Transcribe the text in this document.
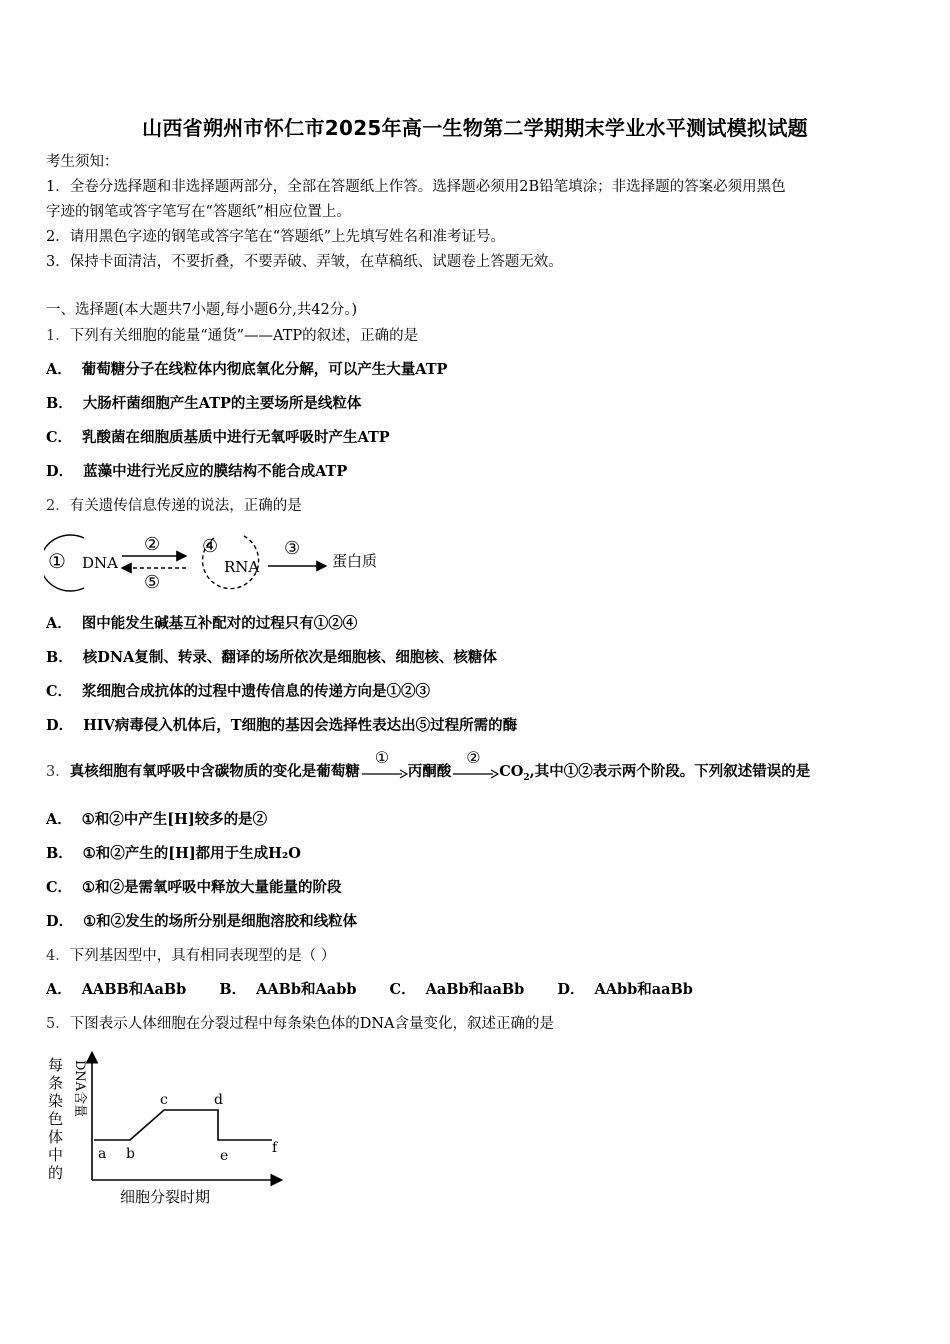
山西省朔州市怀仁市2025年高一生物第二学期期末学业水平测试模拟试题
考生须知：
1．全卷分选择题和非选择题两部分，全部在答题纸上作答。选择题必须用2B铅笔填涂；非选择题的答案必须用黑色
字迹的钢笔或答字笔写在“答题纸”相应位置上。
2．请用黑色字迹的钢笔或答字笔在“答题纸”上先填写姓名和准考证号。
3．保持卡面清洁，不要折叠，不要弄破、弄皱，在草稿纸、试题卷上答题无效。
一、选择题(本大题共7小题,每小题6分,共42分。)
1．下列有关细胞的能量“通货”——ATP的叙述，正确的是
A． 葡萄糖分子在线粒体内彻底氧化分解，可以产生大量ATP
B． 大肠杆菌细胞产生ATP的主要场所是线粒体
C． 乳酸菌在细胞质基质中进行无氧呼吸时产生ATP
D． 蓝藻中进行光反应的膜结构不能合成ATP
2．有关遗传信息传递的说法，正确的是
① DNA
②
⑤
④
RNA
③
蛋白质
A． 图中能发生碱基互补配对的过程只有①②④
B． 核DNA复制、转录、翻译的场所依次是细胞核、细胞核、核糖体
C． 浆细胞合成抗体的过程中遗传信息的传递方向是①②③
D． HIV病毒侵入机体后，T细胞的基因会选择性表达出⑤过程所需的酶
3．真核细胞有氧呼吸中含碳物质的变化是葡萄糖
①
丙酮酸
②
$CO_2$,其中①②表示两个阶段。下列叙述错误的是
A． ①和②中产生[H]较多的是②
B． ①和②产生的[H]都用于生成H₂O
C． ①和②是需氧呼吸中释放大量能量的阶段
D． ①和②发生的场所分别是细胞溶胶和线粒体
4．下列基因型中，具有相同表现型的是（ ）
A． AABB和AaBb B． AABb和Aabb C． AaBb和aaBb D． AAbb和aaBb
5．下图表示人体细胞在分裂过程中每条染色体的DNA含量变化，叙述正确的是
每条染色体中的
DNA含量
a b
c	d
e	f
细胞分裂时期
